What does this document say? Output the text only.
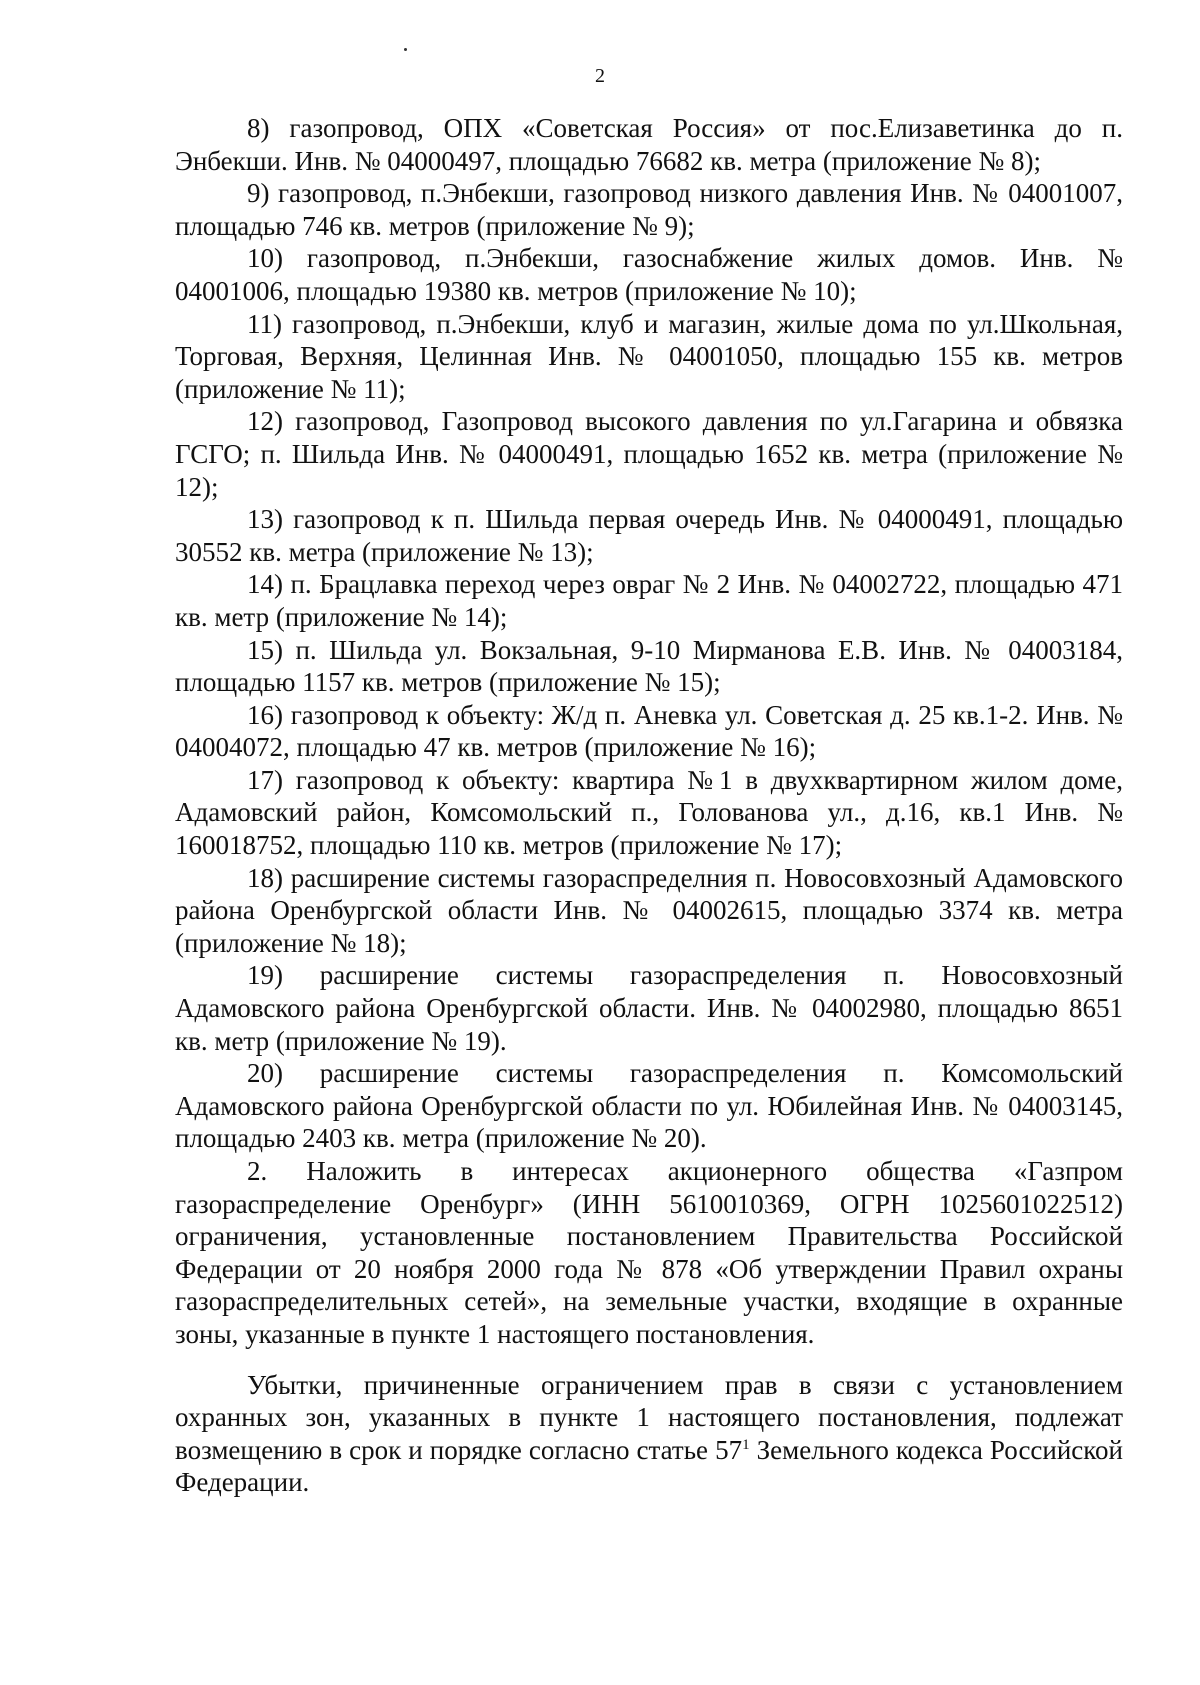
2

8) газопровод, ОПХ «Советская Россия» от пос.Елизаветинка до п. Энбекши. Инв. № 04000497, площадью 76682 кв. метра (приложение № 8);

9) газопровод, п.Энбекши, газопровод низкого давления Инв. № 04001007, площадью 746 кв. метров (приложение № 9);

10) газопровод, п.Энбекши, газоснабжение жилых домов. Инв. № 04001006, площадью 19380 кв. метров (приложение № 10);

11) газопровод, п.Энбекши, клуб и магазин, жилые дома по ул.Школьная, Торговая, Верхняя, Целинная Инв. № 04001050, площадью 155 кв. метров (приложение № 11);

12) газопровод, Газопровод высокого давления по ул.Гагарина и обвязка ГСГО; п. Шильда Инв. № 04000491, площадью 1652 кв. метра (приложение № 12);

13) газопровод к п. Шильда первая очередь Инв. № 04000491, площадью 30552 кв. метра (приложение № 13);

14) п. Брацлавка переход через овраг № 2 Инв. № 04002722, площадью 471 кв. метр (приложение № 14);

15) п. Шильда ул. Вокзальная, 9-10 Мирманова Е.В. Инв. № 04003184, площадью 1157 кв. метров (приложение № 15);

16) газопровод к объекту: Ж/д п. Аневка ул. Советская д. 25 кв.1-2. Инв. № 04004072, площадью 47 кв. метров (приложение № 16);

17) газопровод к объекту: квартира №1 в двухквартирном жилом доме, Адамовский район, Комсомольский п., Голованова ул., д.16, кв.1 Инв. № 160018752, площадью 110 кв. метров (приложение № 17);

18) расширение системы газораспределния п. Новосовхозный Адамовского района Оренбургской области Инв. № 04002615, площадью 3374 кв. метра (приложение № 18);

19) расширение системы газораспределения п. Новосовхозный Адамовского района Оренбургской области. Инв. № 04002980, площадью 8651 кв. метр (приложение № 19).

20) расширение системы газораспределения п. Комсомольский Адамовского района Оренбургской области по ул. Юбилейная Инв. № 04003145, площадью 2403 кв. метра (приложение № 20).

2. Наложить в интересах акционерного общества «Газпром газораспределение Оренбург» (ИНН 5610010369, ОГРН 1025601022512) ограничения, установленные постановлением Правительства Российской Федерации от 20 ноября 2000 года № 878 «Об утверждении Правил охраны газораспределительных сетей», на земельные участки, входящие в охранные зоны, указанные в пункте 1 настоящего постановления.

Убытки, причиненные ограничением прав в связи с установлением охранных зон, указанных в пункте 1 настоящего постановления, подлежат возмещению в срок и порядке согласно статье $57^1$ Земельного кодекса Российской Федерации.
